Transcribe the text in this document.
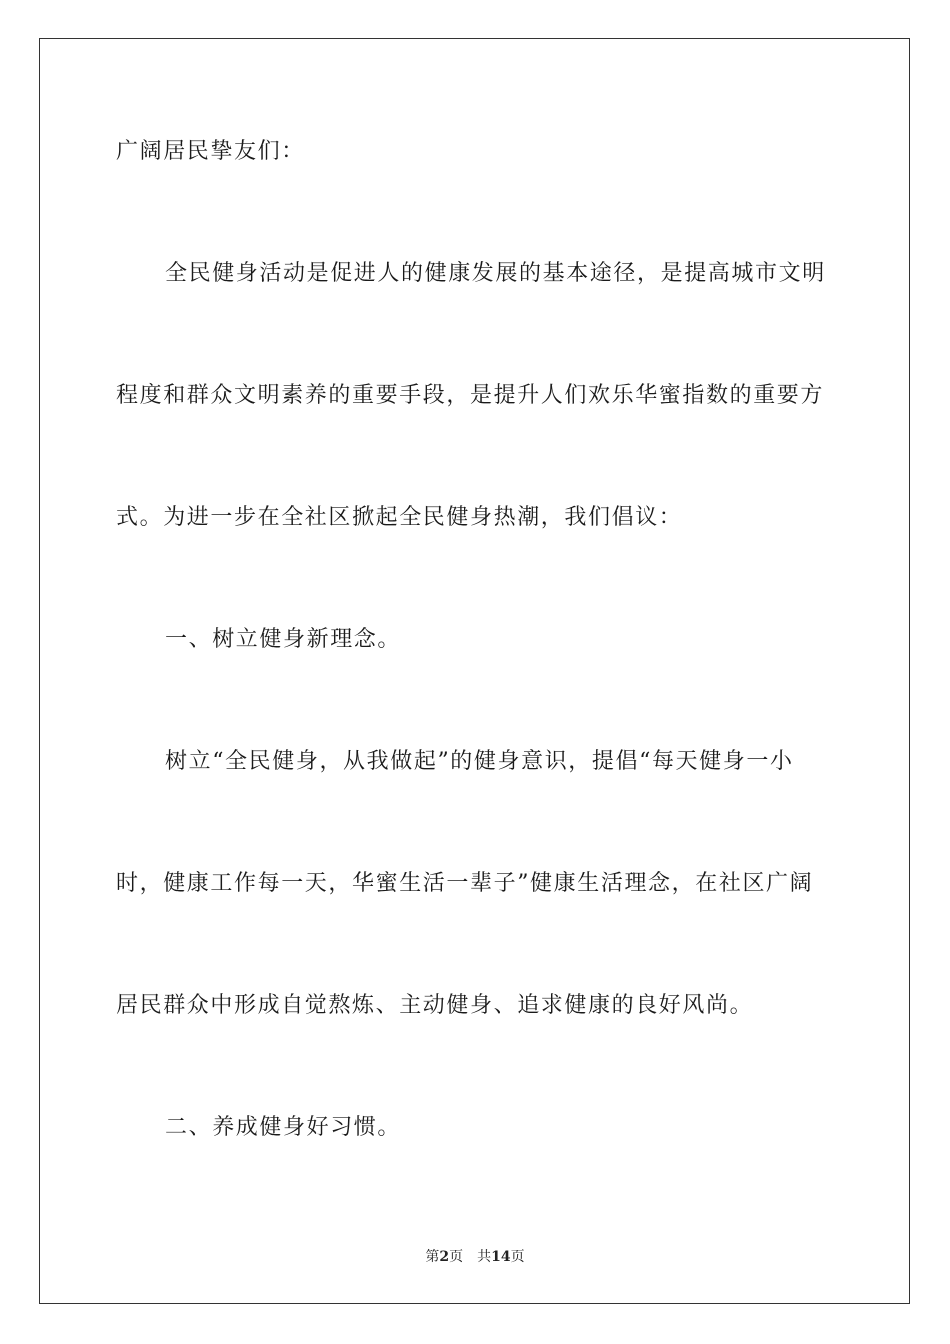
广阔居民挚友们：
全民健身活动是促进人的健康发展的基本途径，是提高城市文明
程度和群众文明素养的重要手段，是提升人们欢乐华蜜指数的重要方
式。为进一步在全社区掀起全民健身热潮，我们倡议：
一、树立健身新理念。
树立“全民健身，从我做起”的健身意识，提倡“每天健身一小
时，健康工作每一天，华蜜生活一辈子”健康生活理念，在社区广阔
居民群众中形成自觉熬炼、主动健身、追求健康的良好风尚。
二、养成健身好习惯。
第2页 共14页
